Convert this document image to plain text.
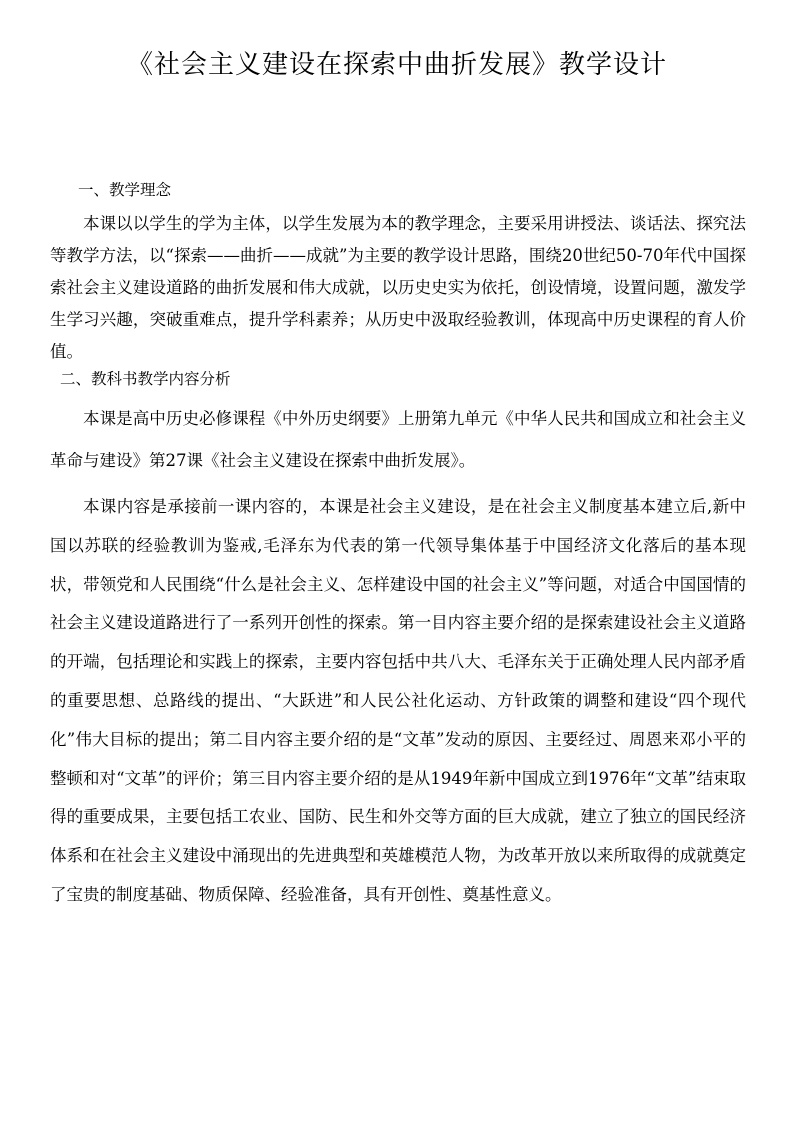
《社会主义建设在探索中曲折发展》教学设计
一、教学理念

本课以以学生的学为主体，以学生发展为本的教学理念，主要采用讲授法、谈话法、探究法等教学方法，以“探索——曲折——成就”为主要的教学设计思路，围绕20世纪50-70年代中国探索社会主义建设道路的曲折发展和伟大成就，以历史史实为依托，创设情境，设置问题，激发学生学习兴趣，突破重难点，提升学科素养；从历史中汲取经验教训，体现高中历史课程的育人价值。

二、教科书教学内容分析

本课是高中历史必修课程《中外历史纲要》上册第九单元《中华人民共和国成立和社会主义革命与建设》第27课《社会主义建设在探索中曲折发展》。

本课内容是承接前一课内容的，本课是社会主义建设，是在社会主义制度基本建立后,新中国以苏联的经验教训为鉴戒,毛泽东为代表的第一代领导集体基于中国经济文化落后的基本现状，带领党和人民围绕“什么是社会主义、怎样建设中国的社会主义”等问题，对适合中国国情的社会主义建设道路进行了一系列开创性的探索。第一目内容主要介绍的是探索建设社会主义道路的开端，包括理论和实践上的探索，主要内容包括中共八大、毛泽东关于正确处理人民内部矛盾的重要思想、总路线的提出、“大跃进”和人民公社化运动、方针政策的调整和建设“四个现代化”伟大目标的提出；第二目内容主要介绍的是“文革”发动的原因、主要经过、周恩来邓小平的整顿和对“文革”的评价；第三目内容主要介绍的是从1949年新中国成立到1976年“文革”结束取得的重要成果，主要包括工农业、国防、民生和外交等方面的巨大成就，建立了独立的国民经济体系和在社会主义建设中涌现出的先进典型和英雄模范人物，为改革开放以来所取得的成就奠定了宝贵的制度基础、物质保障、经验准备，具有开创性、奠基性意义。
